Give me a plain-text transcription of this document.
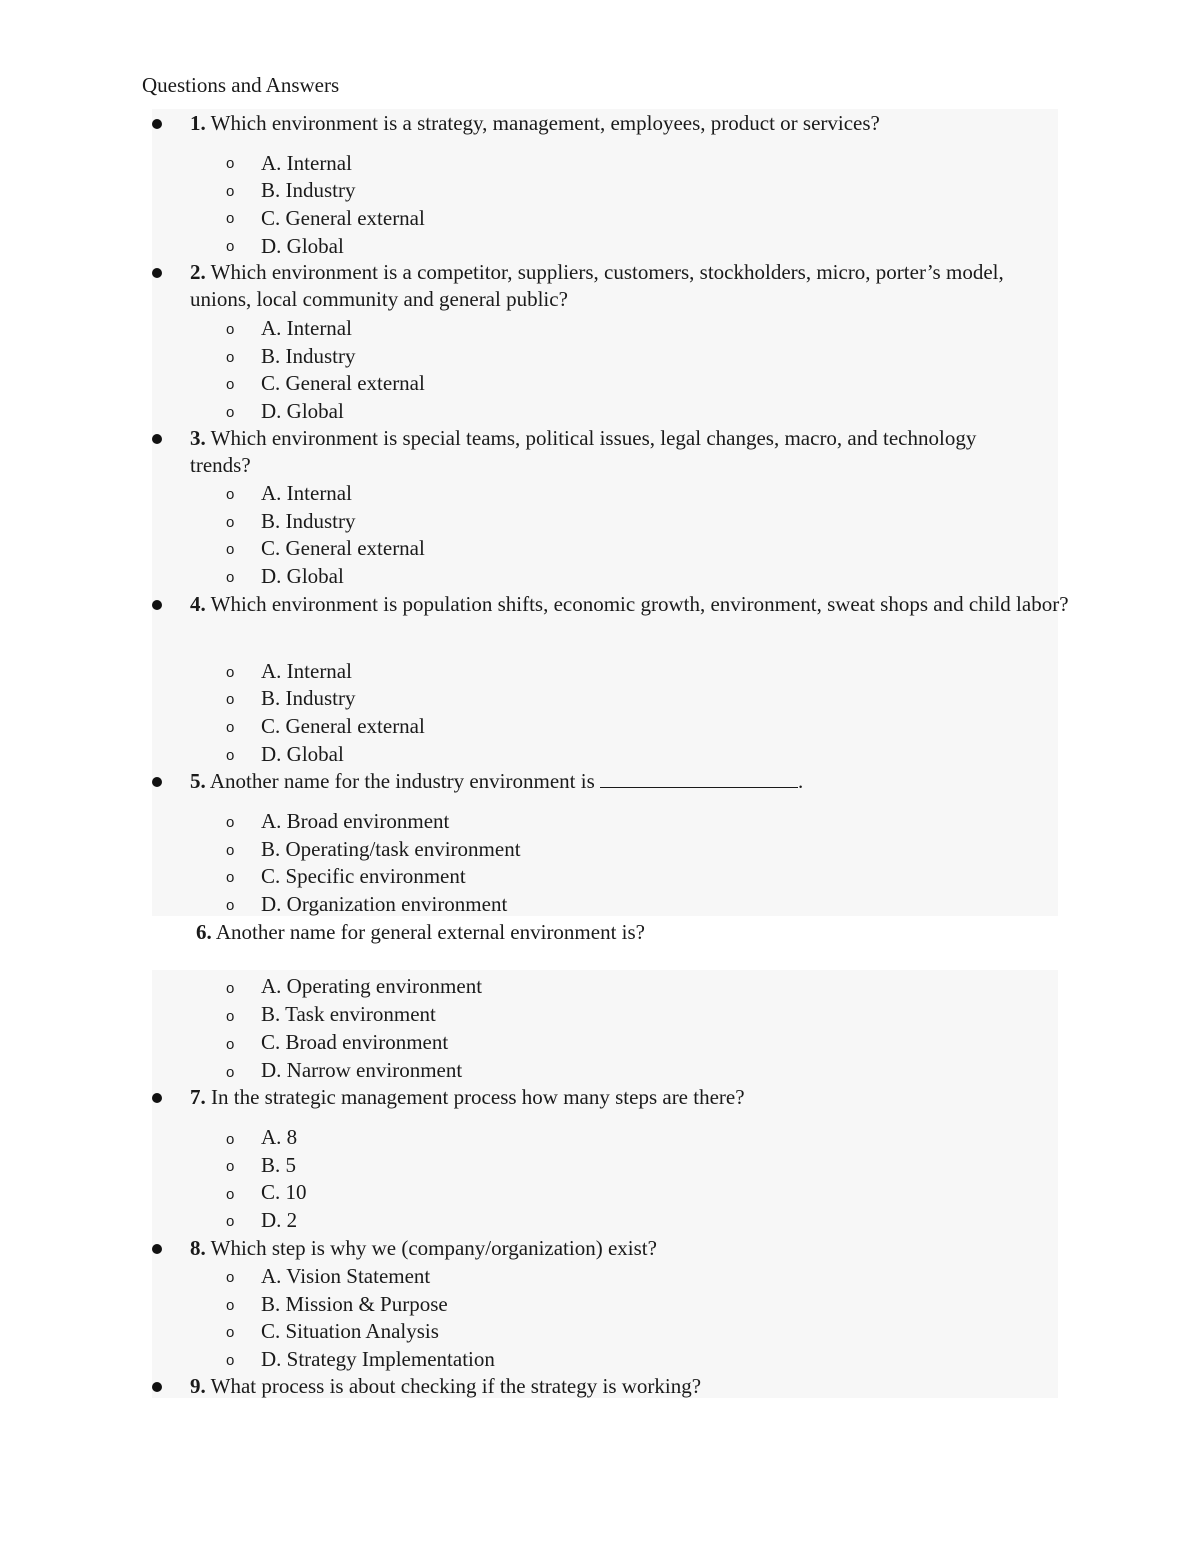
Questions and Answers
1. Which environment is a strategy, management, employees, product or services?
o A. Internal
o B. Industry
o C. General external
o D. Global
2. Which environment is a competitor, suppliers, customers, stockholders, micro, porter’s model, unions, local community and general public?
o A. Internal
o B. Industry
o C. General external
o D. Global
3. Which environment is special teams, political issues, legal changes, macro, and technology trends?
o A. Internal
o B. Industry
o C. General external
o D. Global
4. Which environment is population shifts, economic growth, environment, sweat shops and child labor?
o A. Internal
o B. Industry
o C. General external
o D. Global
5. Another name for the industry environment is	.
o A. Broad environment
o B. Operating/task environment
o C. Specific environment
o D. Organization environment
6. Another name for general external environment is?
o A. Operating environment
o B. Task environment
o C. Broad environment
o D. Narrow environment
7. In the strategic management process how many steps are there?
o A. 8
o B. 5
o C. 10
o D. 2
8. Which step is why we (company/organization) exist?
o A. Vision Statement
o B. Mission & Purpose
o C. Situation Analysis
o D. Strategy Implementation
9. What process is about checking if the strategy is working?
